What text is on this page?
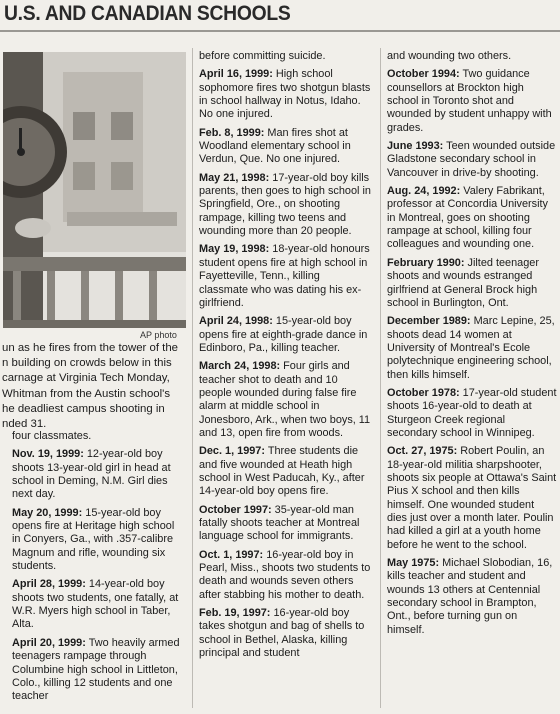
U.S. AND CANADIAN SCHOOLS
AP photo
un as he fires from the tower of the
n building on crowds below in this
carnage at Virginia Tech Monday,
Whitman from the Austin school's
he deadliest campus shooting in
nded 31.

four classmates.

Nov. 19, 1999: 12-year-old boy shoots 13-year-old girl in head at school in Deming, N.M. Girl dies next day.

May 20, 1999: 15-year-old boy opens fire at Heritage high school in Conyers, Ga., with .357-calibre Magnum and rifle, wounding six students.

April 28, 1999: 14-year-old boy shoots two students, one fatally, at W.R. Myers high school in Taber, Alta.

April 20, 1999: Two heavily armed teenagers rampage through Columbine high school in Littleton, Colo., killing 12 students and one teacher

before committing suicide.

April 16, 1999: High school sophomore fires two shotgun blasts in school hallway in Notus, Idaho. No one injured.

Feb. 8, 1999: Man fires shot at Woodland elementary school in Verdun, Que. No one injured.

May 21, 1998: 17-year-old boy kills parents, then goes to high school in Springfield, Ore., on shooting rampage, killing two teens and wounding more than 20 people.

May 19, 1998: 18-year-old honours student opens fire at high school in Fayetteville, Tenn., killing classmate who was dating his ex-girlfriend.

April 24, 1998: 15-year-old boy opens fire at eighth-grade dance in Edinboro, Pa., killing teacher.

March 24, 1998: Four girls and teacher shot to death and 10 people wounded during false fire alarm at middle school in Jonesboro, Ark., when two boys, 11 and 13, open fire from woods.

Dec. 1, 1997: Three students die and five wounded at Heath high school in West Paducah, Ky., after 14-year-old boy opens fire.

October 1997: 35-year-old man fatally shoots teacher at Montreal language school for immigrants.

Oct. 1, 1997: 16-year-old boy in Pearl, Miss., shoots two students to death and wounds seven others after stabbing his mother to death.

Feb. 19, 1997: 16-year-old boy takes shotgun and bag of shells to school in Bethel, Alaska, killing principal and student

and wounding two others.

October 1994: Two guidance counsellors at Brockton high school in Toronto shot and wounded by student unhappy with grades.

June 1993: Teen wounded outside Gladstone secondary school in Vancouver in drive-by shooting.

Aug. 24, 1992: Valery Fabrikant, professor at Concordia University in Montreal, goes on shooting rampage at school, killing four colleagues and wounding one.

February 1990: Jilted teenager shoots and wounds estranged girlfriend at General Brock high school in Burlington, Ont.

December 1989: Marc Lepine, 25, shoots dead 14 women at University of Montreal's Ecole polytechnique engineering school, then kills himself.

October 1978: 17-year-old student shoots 16-year-old to death at Sturgeon Creek regional secondary school in Winnipeg.

Oct. 27, 1975: Robert Poulin, an 18-year-old militia sharpshooter, shoots six people at Ottawa's Saint Pius X school and then kills himself. One wounded student dies just over a month later. Poulin had killed a girl at a youth home before he went to the school.

May 1975: Michael Slobodian, 16, kills teacher and student and wounds 13 others at Centennial secondary school in Brampton, Ont., before turning gun on himself.
